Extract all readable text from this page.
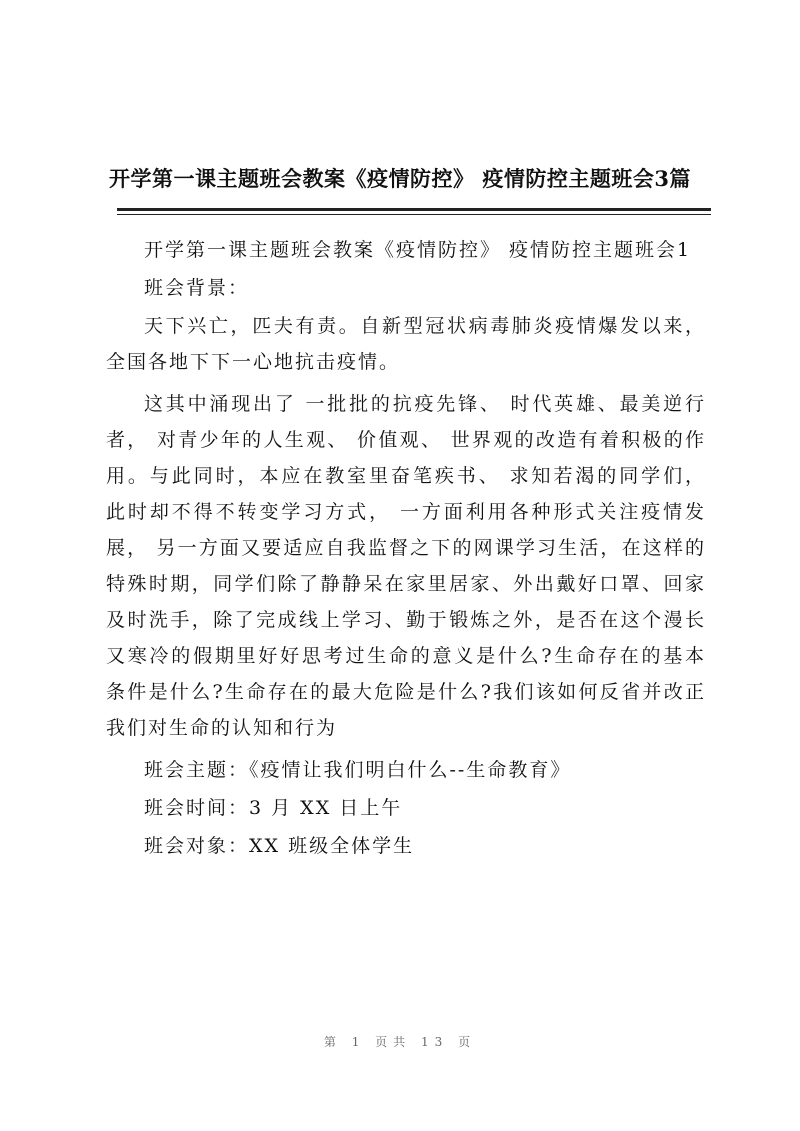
开学第一课主题班会教案《疫情防控》 疫情防控主题班会3篇

开学第一课主题班会教案《疫情防控》 疫情防控主题班会1

班会背景：

天下兴亡，匹夫有责。自新型冠状病毒肺炎疫情爆发以来，全国各地下下一心地抗击疫情。

这其中涌现出了 一批批的抗疫先锋、 时代英雄、最美逆行者， 对青少年的人生观、 价值观、 世界观的改造有着积极的作用。与此同时，本应在教室里奋笔疾书、 求知若渴的同学们， 此时却不得不转变学习方式， 一方面利用各种形式关注疫情发展， 另一方面又要适应自我监督之下的网课学习生活，在这样的特殊时期，同学们除了静静呆在家里居家、外出戴好口罩、回家及时洗手，除了完成线上学习、勤于锻炼之外，是否在这个漫长又寒冷的假期里好好思考过生命的意义是什么?生命存在的基本条件是什么?生命存在的最大危险是什么?我们该如何反省并改正我们对生命的认知和行为

班会主题：《疫情让我们明白什么--生命教育》

班会时间：3 月 XX 日上午

班会对象：XX 班级全体学生

第 1 页共 13 页
